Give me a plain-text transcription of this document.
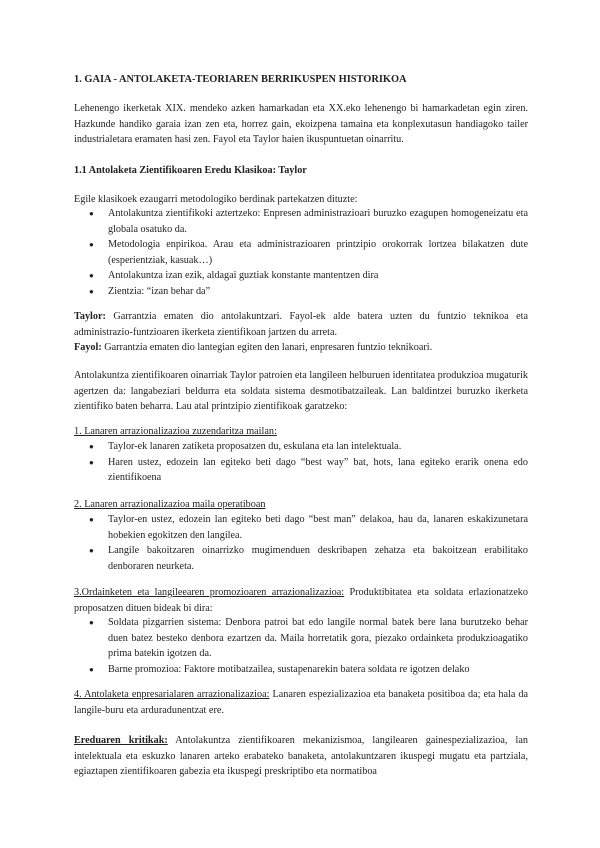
1. GAIA - ANTOLAKETA-TEORIAREN BERRIKUSPEN HISTORIKOA

Lehenengo ikerketak XIX. mendeko azken hamarkadan eta XX.eko lehenengo bi hamarkadetan egin ziren. Hazkunde handiko garaia izan zen eta, horrez gain, ekoizpena tamaina eta konplexutasun handiagoko tailer industrialetara eramaten hasi zen. Fayol eta Taylor haien ikuspuntuetan oinarritu.

1.1 Antolaketa Zientifikoaren Eredu Klasikoa: Taylor

Egile klasikoek ezaugarri metodologiko berdinak partekatzen dituzte:

● Antolakuntza zientifikoki aztertzeko: Enpresen administrazioari buruzko ezagupen homogeneizatu eta globala osatuko da.
● Metodologia enpirikoa. Arau eta administrazioaren printzipio orokorrak lortzea bilakatzen dute (esperientziak, kasuak…)
● Antolakuntza izan ezik, aldagai guztiak konstante mantentzen dira
● Zientzia: “izan behar da”

Taylor: Garrantzia ematen dio antolakuntzari. Fayol-ek alde batera uzten du funtzio teknikoa eta administrazio-funtzioaren ikerketa zientifikoan jartzen du arreta.

Fayol: Garrantzia ematen dio lantegian egiten den lanari, enpresaren funtzio teknikoari.

Antolakuntza zientifikoaren oinarriak Taylor patroien eta langileen helburuen identitatea produkzioa mugaturik agertzen da: langabeziari beldurra eta soldata sistema desmotibatzaileak. Lan baldintzei buruzko ikerketa zientifiko baten beharra. Lau atal printzipio zientifikoak garatzeko:

1. Lanaren arrazionalizazioa zuzendaritza mailan:

● Taylor-ek lanaren zatiketa proposatzen du, eskulana eta lan intelektuala.
● Haren ustez, edozein lan egiteko beti dago “best way” bat, hots, lana egiteko erarik onena edo zientifikoena

2. Lanaren arrazionalizazioa maila operatiboan

● Taylor-en ustez, edozein lan egiteko beti dago “best man” delakoa, hau da, lanaren eskakizunetara hobekien egokitzen den langilea.
● Langile bakoitzaren oinarrizko mugimenduen deskribapen zehatza eta bakoitzean erabilitako denboraren neurketa.

3.Ordainketen eta langileearen promozioaren arrazionalizazioa: Produktibitatea eta soldata erlazionatzeko proposatzen dituen bideak bi dira:

● Soldata pizgarrien sistema: Denbora patroi bat edo langile normal batek bere lana burutzeko behar duen batez besteko denbora ezartzen da. Maila horretatik gora, piezako ordainketa produkzioagatiko prima batekin igotzen da.
● Barne promozioa: Faktore motibatzailea, sustapenarekin batera soldata re igotzen delako

4. Antolaketa enpresarialaren arrazionalizazioa: Lanaren espezializazioa eta banaketa positiboa da; eta hala da langile-buru eta arduradunentzat ere.

Ereduaren kritikak: Antolakuntza zientifikoaren mekanizismoa, langilearen gainespezializazioa, lan intelektuala eta eskuzko lanaren arteko erabateko banaketa, antolakuntzaren ikuspegi mugatu eta partziala, egiaztapen zientifikoaren gabezia eta ikuspegi preskriptibo eta normatiboa
